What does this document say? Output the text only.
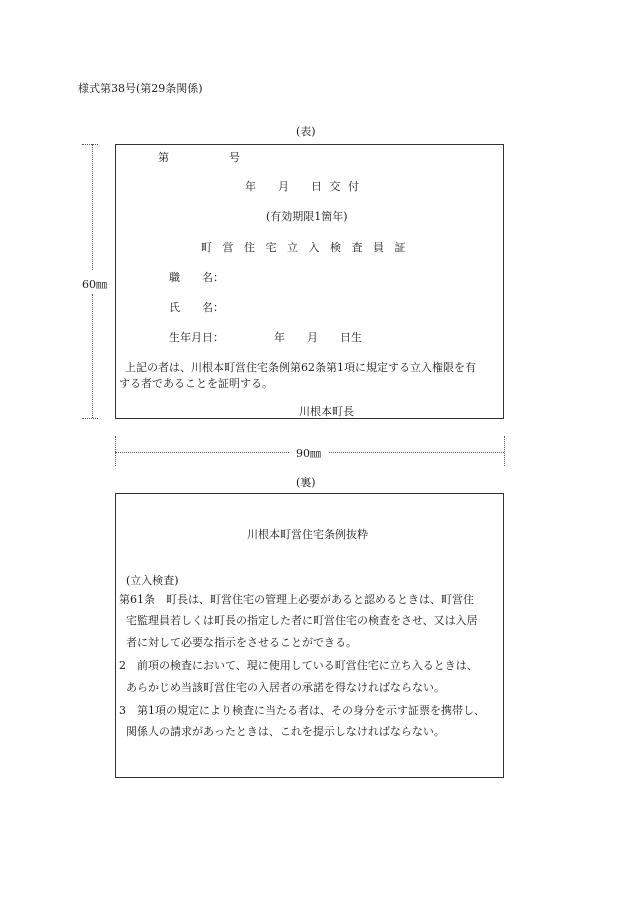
様式第38号(第29条関係)
(表)
60㎜
第	号
年　　月　　日 交 付
(有効期限1箇年)
町 営 住 宅 立 入 検 査 員 証
職　　名：
氏　　名：
生年月日：	年　　月　　日生
上記の者は、川根本町営住宅条例第62条第1項に規定する立入権限を有
する者であることを証明する。
川根本町長
90㎜
(裏)
川根本町営住宅条例抜粋
(立入検査)
第61条　町長は、町営住宅の管理上必要があると認めるときは、町営住
宅監理員若しくは町長の指定した者に町営住宅の検査をさせ、又は入居
者に対して必要な指示をさせることができる。
2　前項の検査において、現に使用している町営住宅に立ち入るときは、
あらかじめ当該町営住宅の入居者の承諾を得なければならない。
3　第1項の規定により検査に当たる者は、その身分を示す証票を携帯し、
関係人の請求があったときは、これを提示しなければならない。
